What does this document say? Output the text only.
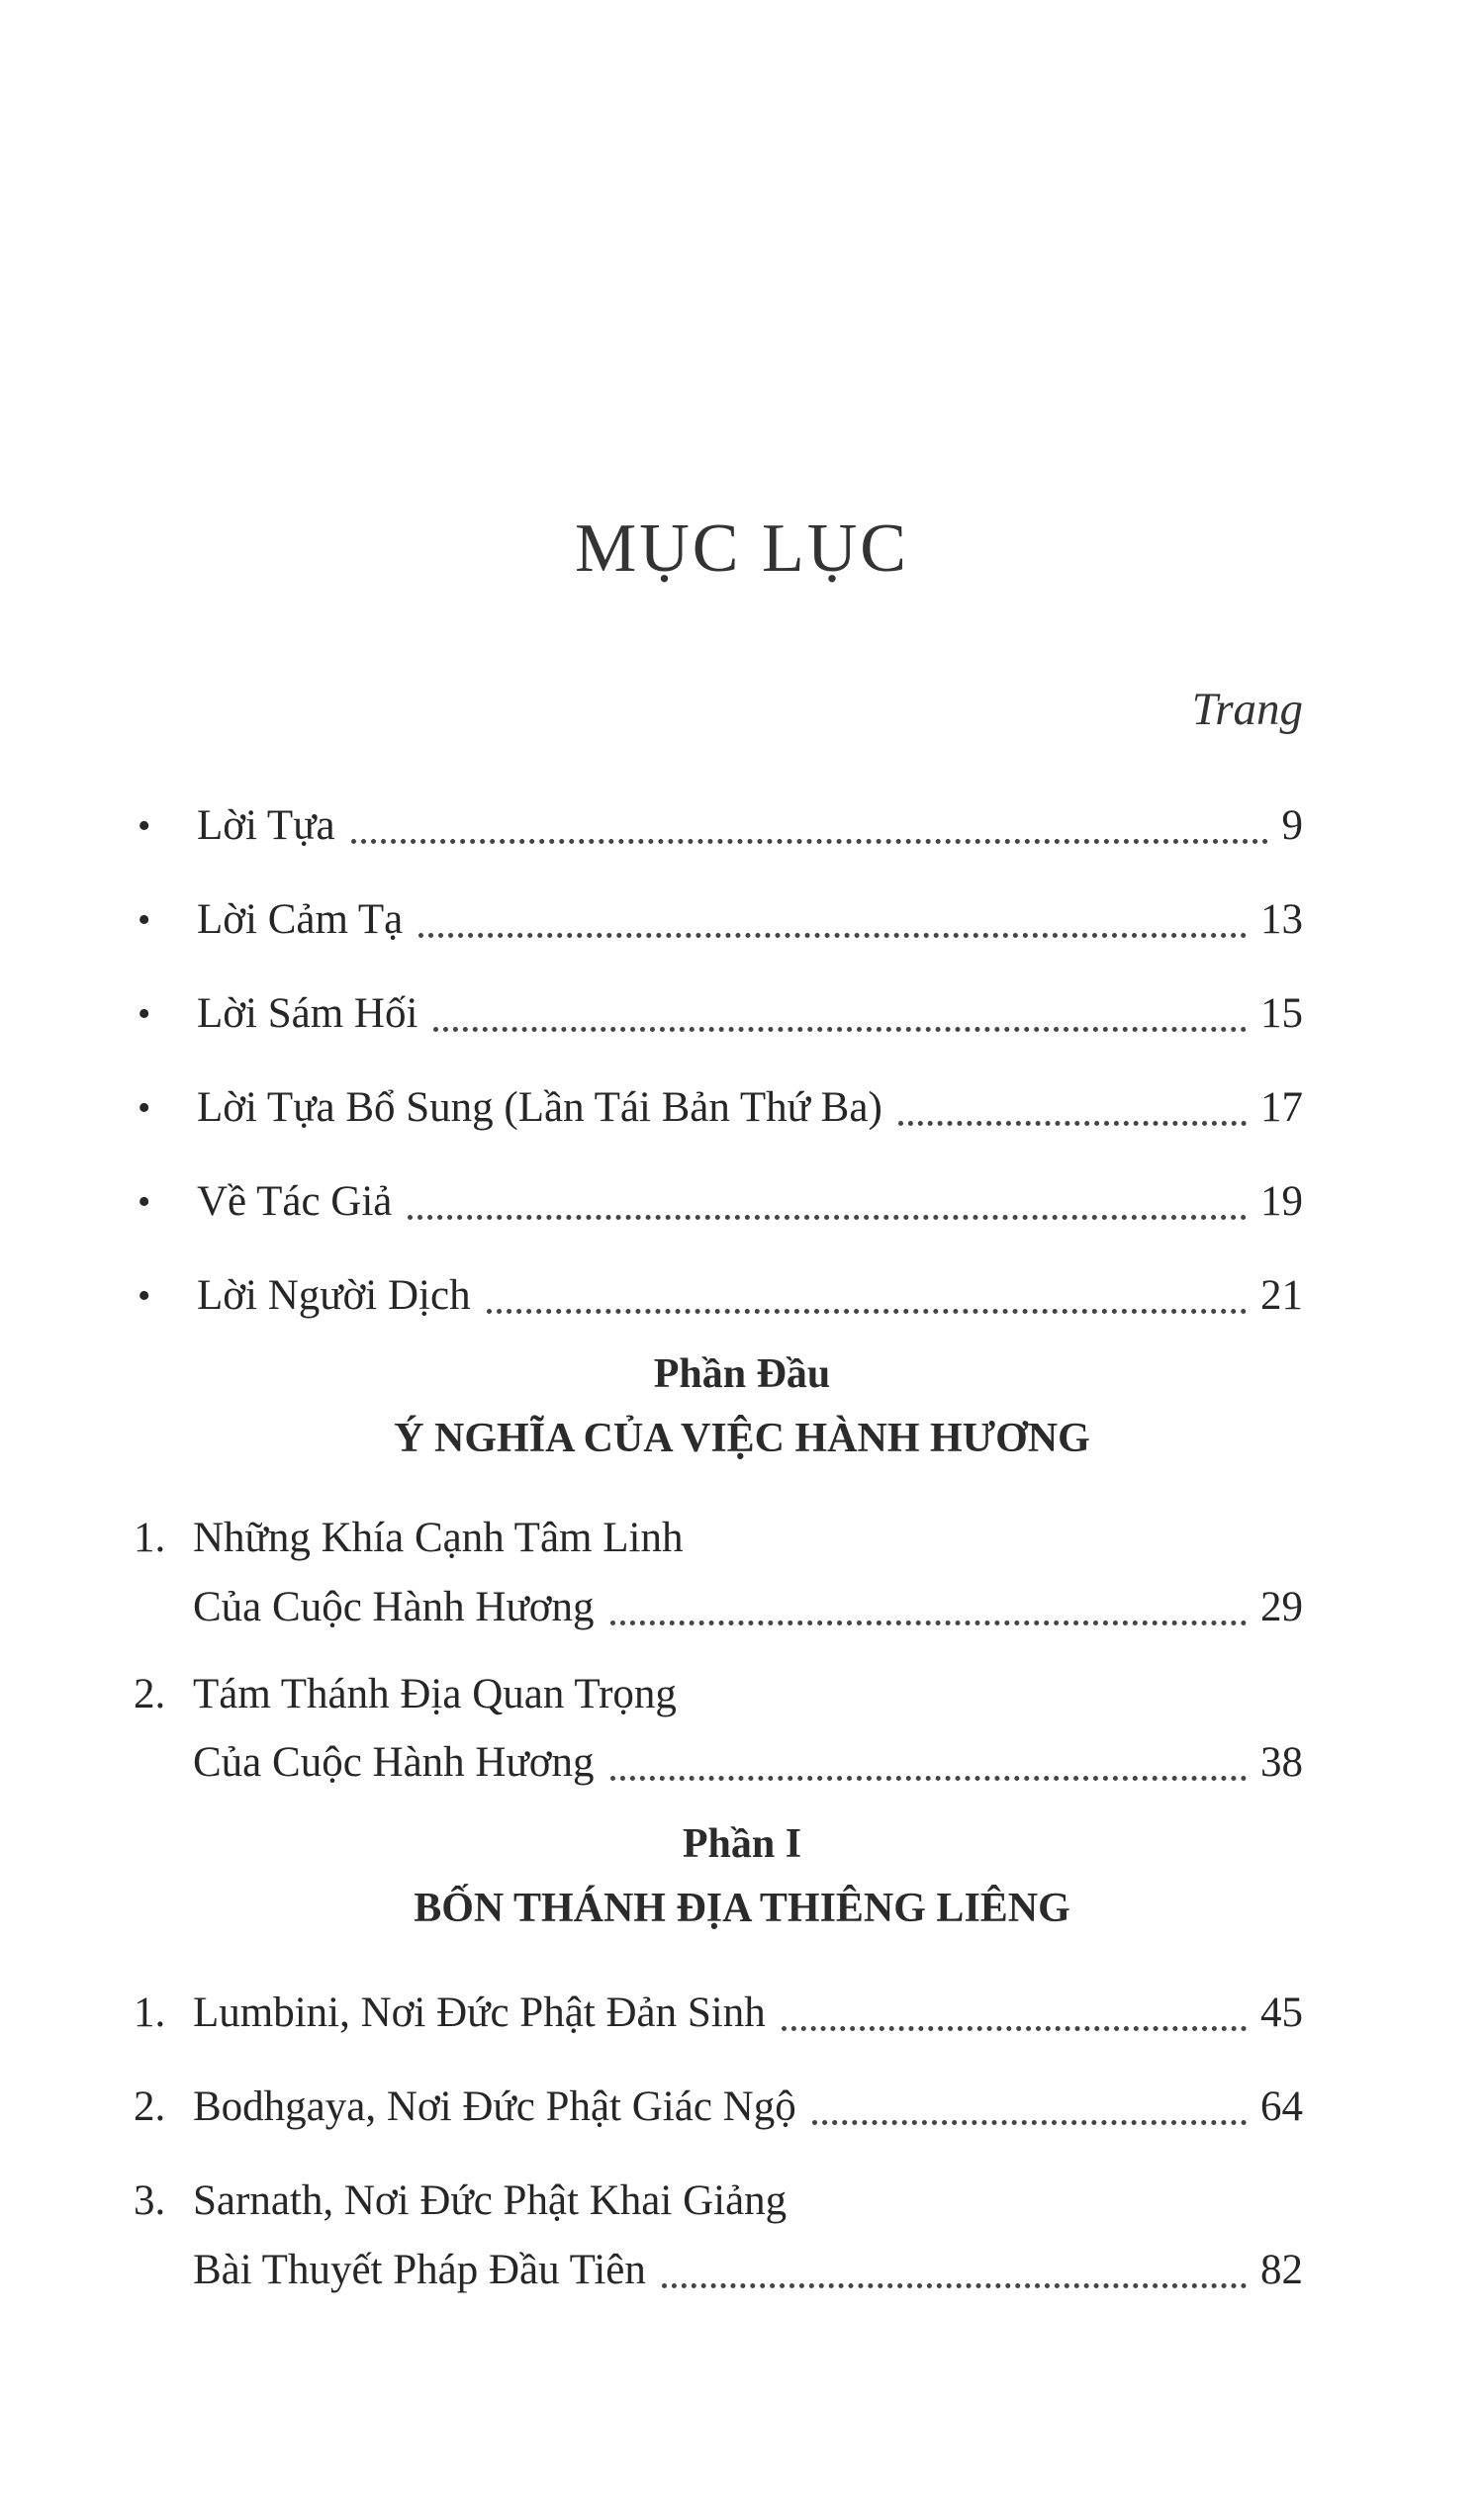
MỤC LỤC
Trang
•	Lời Tựa	9
•	Lời Cảm Tạ	13
•	Lời Sám Hối	15
•	Lời Tựa Bổ Sung (Lần Tái Bản Thứ Ba)	17
•	Về Tác Giả	19
•	Lời Người Dịch	21
Phần Đầu
Ý NGHĨA CỦA VIỆC HÀNH HƯƠNG
1. Những Khía Cạnh Tâm Linh
Của Cuộc Hành Hương	29
2. Tám Thánh Địa Quan Trọng
Của Cuộc Hành Hương	38
Phần I
BỐN THÁNH ĐỊA THIÊNG LIÊNG
1. Lumbini, Nơi Đức Phật Đản Sinh	45
2. Bodhgaya, Nơi Đức Phật Giác Ngộ	64
3. Sarnath, Nơi Đức Phật Khai Giảng
Bài Thuyết Pháp Đầu Tiên	82
